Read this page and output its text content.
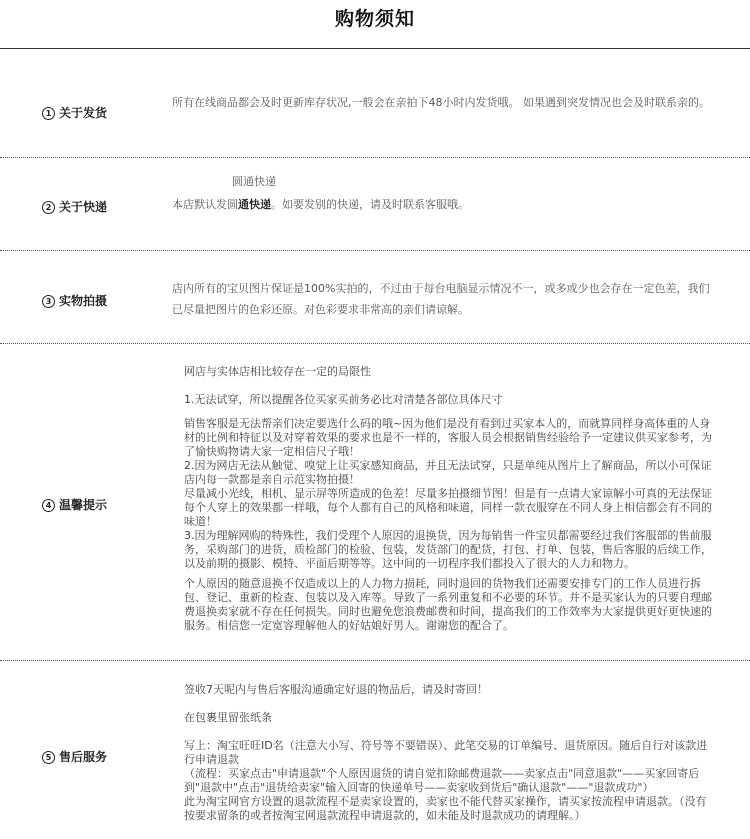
购物须知
1 关于发货
所有在线商品都会及时更新库存状况,一般会在亲拍下48小时内发货哦。 如果遇到突发情况也会及时联系亲的。
2 关于快递
圆通快递
本店默认发圆通快递。如要发别的快递，请及时联系客服哦。
3 实物拍摄
店内所有的宝贝图片保证是100%实拍的，不过由于每台电脑显示情况不一，或多或少也会存在一定色差，我们已尽量把图片的色彩还原。对色彩要求非常高的亲们请谅解。
4 温馨提示

网店与实体店相比较存在一定的局限性

1.无法试穿，所以提醒各位买家买前务必比对清楚各部位具体尺寸

销售客服是无法帮亲们决定要选什么码的哦~因为他们是没有看到过买家本人的，而就算同样身高体重的人身材的比例和特征以及对穿着效果的要求也是不一样的，客服人员会根据销售经验给予一定建议供买家参考，为了愉快购物请大家一定相信尺子哦！

2.因为网店无法从触觉、嗅觉上让买家感知商品，并且无法试穿，只是单纯从图片上了解商品，所以小可保证店内每一款都是亲自示范实物拍摄！

尽量减小光线，相机、显示屏等所造成的色差！尽量多拍摄细节图！但是有一点请大家谅解小可真的无法保证每个人穿上的效果都一样哦，每个人都有自己的风格和味道，同样一款衣服穿在不同人身上相信都会有不同的味道！

3.因为理解网购的特殊性，我们受理个人原因的退换货，因为每销售一件宝贝都需要经过我们客服部的售前服务，采购部门的进货，质检部门的检验、包装，发货部门的配货，打包、打单、包装，售后客服的后续工作，以及前期的摄影、模特、平面后期等等。这中间的一切程序我们都投入了很大的人力和物力。

个人原因的随意退换不仅造成以上的人力物力损耗，同时退回的货物我们还需要安排专门的工作人员进行拆包、登记、重新的检查、包装以及入库等。导致了一系列重复和不必要的环节。并不是买家认为的只要自理邮费退换卖家就不存在任何损失。同时也避免您浪费邮费和时间，提高我们的工作效率为大家提供更好更快速的服务。相信您一定宽容理解他人的好姑娘好男人。谢谢您的配合了。

5 售后服务

签收7天呢内与售后客服沟通确定好退的物品后，请及时寄回！

在包裹里留张纸条

写上：淘宝旺旺ID名（注意大小写、符号等不要错误）、此笔交易的订单编号、退货原因。随后自行对该款进行申请退款

（流程：买家点击"申请退款"个人原因退货的请自觉扣除邮费退款——卖家点击"同意退款"——买家回寄后到"退款中"点击"退货给卖家"输入回寄的快递单号——卖家收到货后"确认退款"——"退款成功"）

此为淘宝网官方设置的退款流程不是卖家设置的，卖家也不能代替买家操作，请买家按流程申请退款。（没有按要求留条的或者按淘宝网退款流程申请退款的，如未能及时退款成功的请理解。）
